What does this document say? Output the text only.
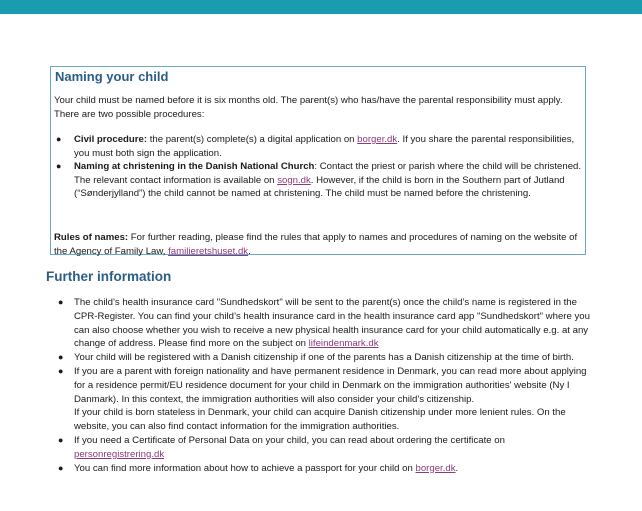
Naming your child
Your child must be named before it is six months old. The parent(s) who has/have the parental responsibility must apply. There are two possible procedures:
● Civil procedure: the parent(s) complete(s) a digital application on borger.dk. If you share the parental responsibilities, you must both sign the application.
● Naming at christening in the Danish National Church: Contact the priest or parish where the child will be christened. The relevant contact information is available on sogn.dk. However, if the child is born in the Southern part of Jutland (“Sønderjylland”) the child cannot be named at christening. The child must be named before the christening.
Rules of names: For further reading, please find the rules that apply to names and procedures of naming on the website of the Agency of Family Law, familieretshuset.dk.
Further information
● The child’s health insurance card "Sundhedskort" will be sent to the parent(s) once the child’s name is registered in the CPR-Register. You can find your child’s health insurance card in the health insurance card app "Sundhedskort" where you can also choose whether you wish to receive a new physical health insurance card for your child automatically e.g. at any change of address. Please find more on the subject on lifeindenmark.dk
● Your child will be registered with a Danish citizenship if one of the parents has a Danish citizenship at the time of birth.
● If you are a parent with foreign nationality and have permanent residence in Denmark, you can read more about applying for a residence permit/EU residence document for your child in Denmark on the immigration authorities' website (Ny I Danmark). In this context, the immigration authorities will also consider your child's citizenship.
If your child is born stateless in Denmark, your child can acquire Danish citizenship under more lenient rules. On the website, you can also find contact information for the immigration authorities.
● If you need a Certificate of Personal Data on your child, you can read about ordering the certificate on personregistrering.dk
● You can find more information about how to achieve a passport for your child on borger.dk.
